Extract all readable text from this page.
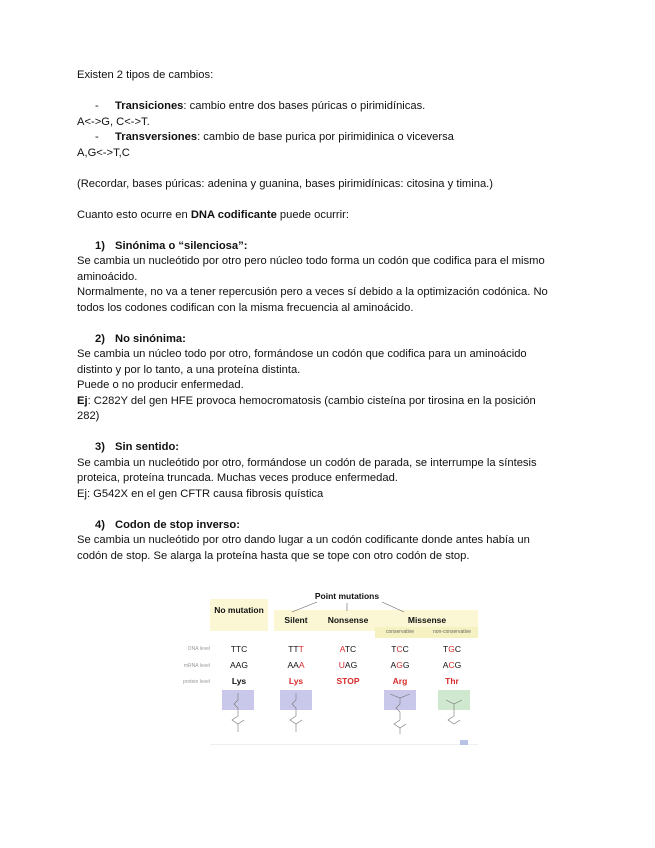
Existen 2 tipos de cambios:

- Transiciones: cambio entre dos bases púricas o pirimidínicas.

A<->G, C<->T.

- Transversiones: cambio de base purica por pirimidinica o viceversa

A,G<->T,C

(Recordar, bases púricas: adenina y guanina, bases pirimidínicas: citosina y timina.)

Cuanto esto ocurre en DNA codificante puede ocurrir:

1) Sinónima o “silenciosa”:

Se cambia un nucleótido por otro pero núcleo todo forma un codón que codifica para el mismo

aminoácido.

Normalmente, no va a tener repercusión pero a veces sí debido a la optimización codónica. No

todos los codones codifican con la misma frecuencia al aminoácido.

2) No sinónima:

Se cambia un núcleo todo por otro, formándose un codón que codifica para un aminoácido

distinto y por lo tanto, a una proteína distinta.

Puede o no producir enfermedad.

Ej: C282Y del gen HFE provoca hemocromatosis (cambio cisteína por tirosina en la posición

282)

3) Sin sentido:

Se cambia un nucleótido por otro, formándose un codón de parada, se interrumpe la síntesis

proteica, proteína truncada. Muchas veces produce enfermedad.

Ej: G542X en el gen CFTR causa fibrosis quística

4) Codon de stop inverso:

Se cambia un nucleótido por otro dando lugar a un codón codificante donde antes había un

codón de stop. Se alarga la proteína hasta que se tope con otro codón de stop.

No mutation
Point mutations
Silent	Nonsense	Missense
conservative	non-conservative
DNA level
mRNA level
protein level
TTC	TTT	ATC	TCC	TGC
AAG	AAA	UAG	AGG	ACG
Lys	Lys	STOP	Arg	Thr
